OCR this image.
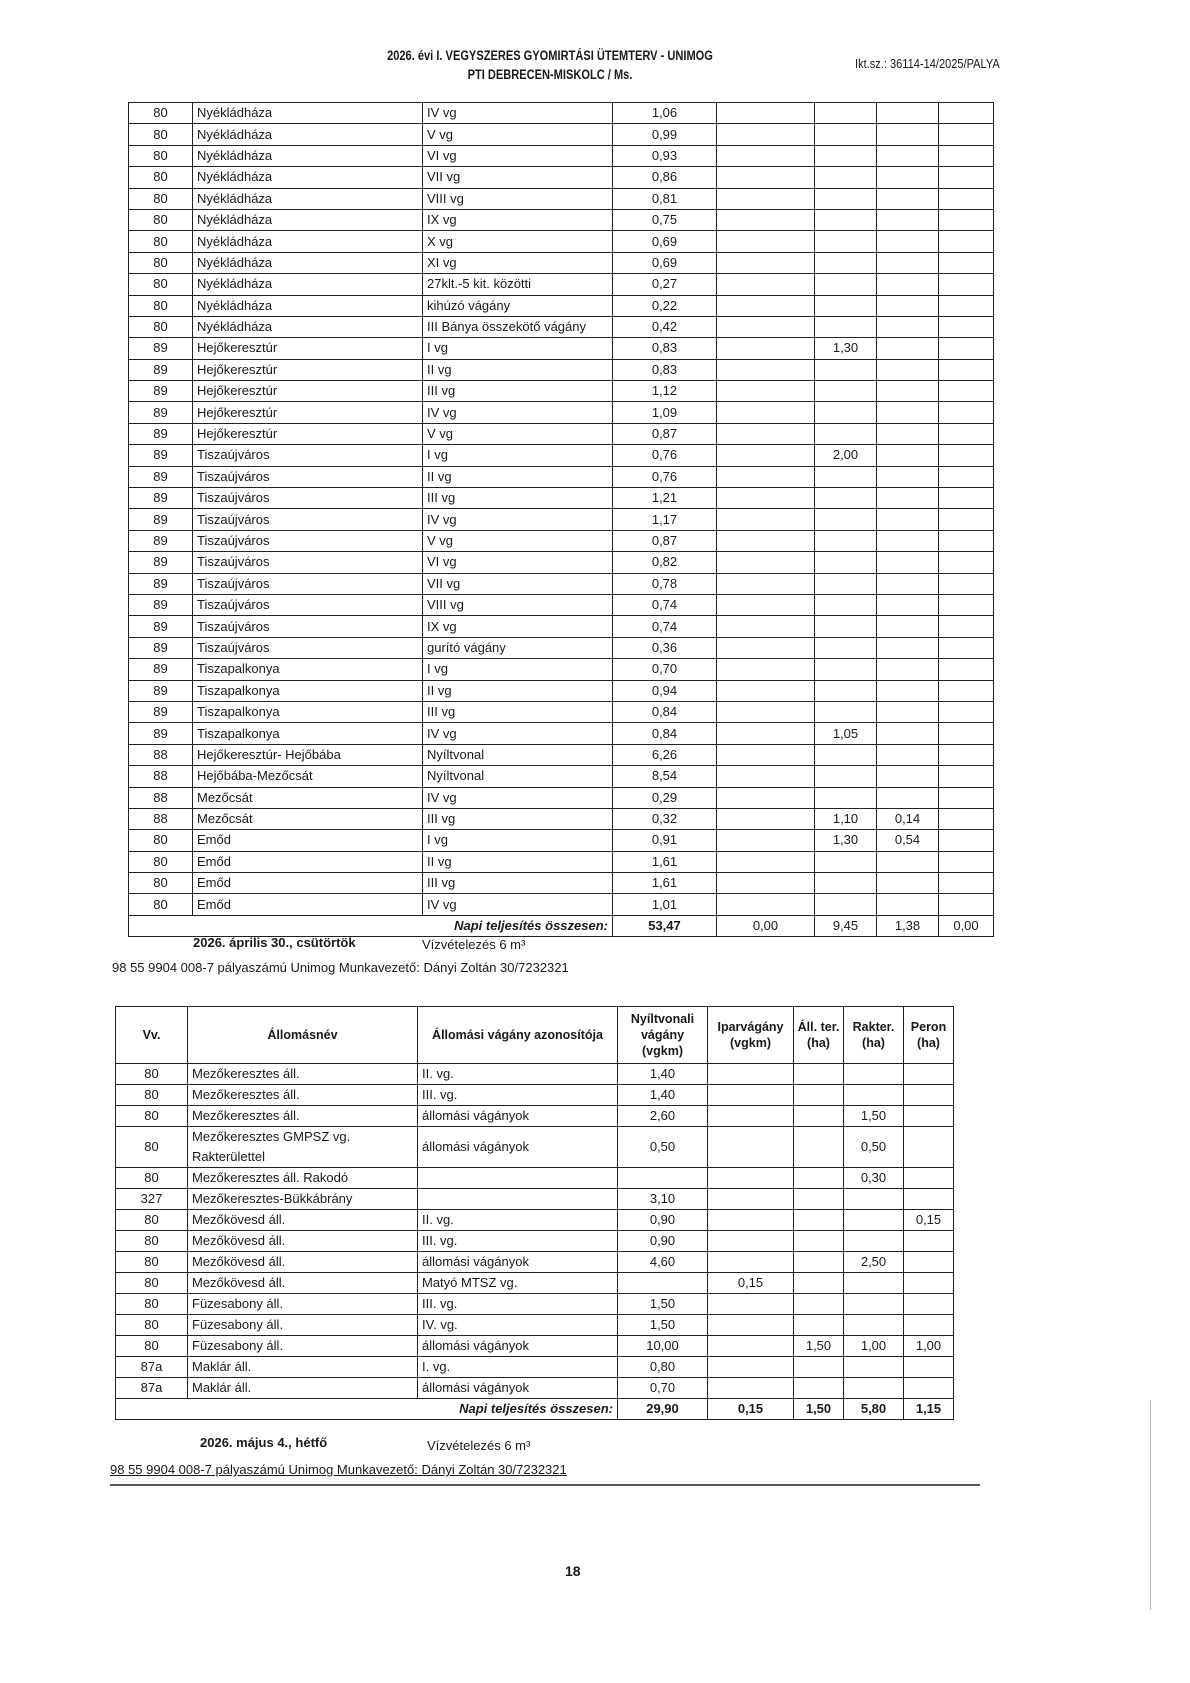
2026. évi I. VEGYSZERES GYOMIRTÁSI ÜTEMTERV - UNIMOG
PTI DEBRECEN-MISKOLC / Ms.
Ikt.sz.: 36114-14/2025/PALYA
80	Nyékládháza	IV vg	1,06				
80	Nyékládháza	V vg	0,99				
80	Nyékládháza	VI vg	0,93				
80	Nyékládháza	VII vg	0,86				
80	Nyékládháza	VIII vg	0,81				
80	Nyékládháza	IX vg	0,75				
80	Nyékládháza	X vg	0,69				
80	Nyékládháza	XI vg	0,69				
80	Nyékládháza	27klt.-5 kit. közötti	0,27				
80	Nyékládháza	kihúzó vágány	0,22				
80	Nyékládháza	III Bánya összekötő vágány	0,42				
89	Hejőkeresztúr	I vg	0,83		1,30		
89	Hejőkeresztúr	II vg	0,83				
89	Hejőkeresztúr	III vg	1,12				
89	Hejőkeresztúr	IV vg	1,09				
89	Hejőkeresztúr	V vg	0,87				
89	Tiszaújváros	I vg	0,76		2,00		
89	Tiszaújváros	II vg	0,76				
89	Tiszaújváros	III vg	1,21				
89	Tiszaújváros	IV vg	1,17				
89	Tiszaújváros	V vg	0,87				
89	Tiszaújváros	VI vg	0,82				
89	Tiszaújváros	VII vg	0,78				
89	Tiszaújváros	VIII vg	0,74				
89	Tiszaújváros	IX vg	0,74				
89	Tiszaújváros	gurító vágány	0,36				
89	Tiszapalkonya	I vg	0,70				
89	Tiszapalkonya	II vg	0,94				
89	Tiszapalkonya	III vg	0,84				
89	Tiszapalkonya	IV vg	0,84		1,05		
88	Hejőkeresztúr- Hejőbába	Nyíltvonal	6,26				
88	Hejőbába-Mezőcsát	Nyíltvonal	8,54				
88	Mezőcsát	IV vg	0,29				
88	Mezőcsát	III vg	0,32		1,10	0,14	
80	Emőd	I vg	0,91		1,30	0,54	
80	Emőd	II vg	1,61				
80	Emőd	III vg	1,61				
80	Emőd	IV vg	1,01				
Napi teljesítés összesen:			53,47	0,00	9,45	1,38	0,00
2026. április 30., csütörtök	Vízvételezés 6 m³
98 55 9904 008-7 pályaszámú Unimog Munkavezető: Dányi Zoltán 30/7232321
Vv.	Állomásnév	Állomási vágány azonosítója	Nyíltvonali vágány (vgkm)	Iparvágány (vgkm)	Áll. ter. (ha)	Rakter. (ha)	Peron (ha)
80	Mezőkeresztes áll.	II. vg.	1,40				
80	Mezőkeresztes áll.	III. vg.	1,40				
80	Mezőkeresztes áll.	állomási vágányok	2,60			1,50	
80	Mezőkeresztes GMPSZ vg. Rakterülettel	állomási vágányok	0,50			0,50	
80	Mezőkeresztes áll. Rakodó					0,30	
327	Mezőkeresztes-Bükkábrány		3,10				
80	Mezőkövesd áll.	II. vg.	0,90				0,15
80	Mezőkövesd áll.	III. vg.	0,90				
80	Mezőkövesd áll.	állomási vágányok	4,60			2,50	
80	Mezőkövesd áll.	Matyó MTSZ vg.		0,15			
80	Füzesabony áll.	III. vg.	1,50				
80	Füzesabony áll.	IV. vg.	1,50				
80	Füzesabony áll.	állomási vágányok	10,00		1,50	1,00	1,00
87a	Maklár áll.	I. vg.	0,80				
87a	Maklár áll.	állomási vágányok	0,70				
Napi teljesítés összesen:			29,90	0,15	1,50	5,80	1,15
2026. május 4., hétfő	Vízvételezés 6 m³
98 55 9904 008-7 pályaszámú Unimog Munkavezető: Dányi Zoltán 30/7232321
18
